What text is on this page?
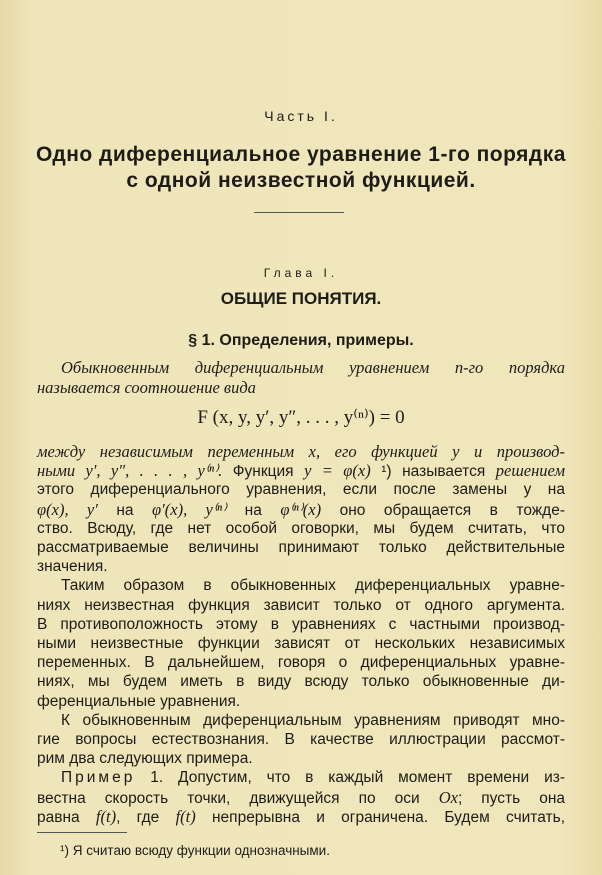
Часть I.
Одно диференциальное уравнение 1-го порядка
с одной неизвестной функцией.
Глава I.
ОБЩИЕ ПОНЯТИЯ.
§ 1. Определения, примеры.
Обыкновенным диференциальным уравнением n-го порядка
называется соотношение вида
F (x, y, y′, y″, . . . , y⁽ⁿ⁾) = 0
между независимым переменным x, его функцией y и производ-
ными y′, y″, . . . , y⁽ⁿ⁾. Функция y = φ(x) ¹) называется решением
этого диференциального уравнения, если после замены y на
φ(x), y′ на φ′(x), y⁽ⁿ⁾ на φ⁽ⁿ⁾(x) оно обращается в тожде-
ство. Всюду, где нет особой оговорки, мы будем считать, что
рассматриваемые величины принимают только действительные
значения.
Таким образом в обыкновенных диференциальных уравне-
ниях неизвестная функция зависит только от одного аргумента.
В противоположность этому в уравнениях с частными производ-
ными неизвестные функции зависят от нескольких независимых
переменных. В дальнейшем, говоря о диференциальных уравне-
ниях, мы будем иметь в виду всюду только обыкновенные ди-
ференциальные уравнения.
К обыкновенным диференциальным уравнениям приводят мно-
гие вопросы естествознания. В качестве иллюстрации рассмот-
рим два следующих примера.
Пример 1. Допустим, что в каждый момент времени из-
вестна скорость точки, движущейся по оси Ox; пусть она
равна f(t), где f(t) непрерывна и ограничена. Будем считать,
¹) Я считаю всюду функции однозначными.
